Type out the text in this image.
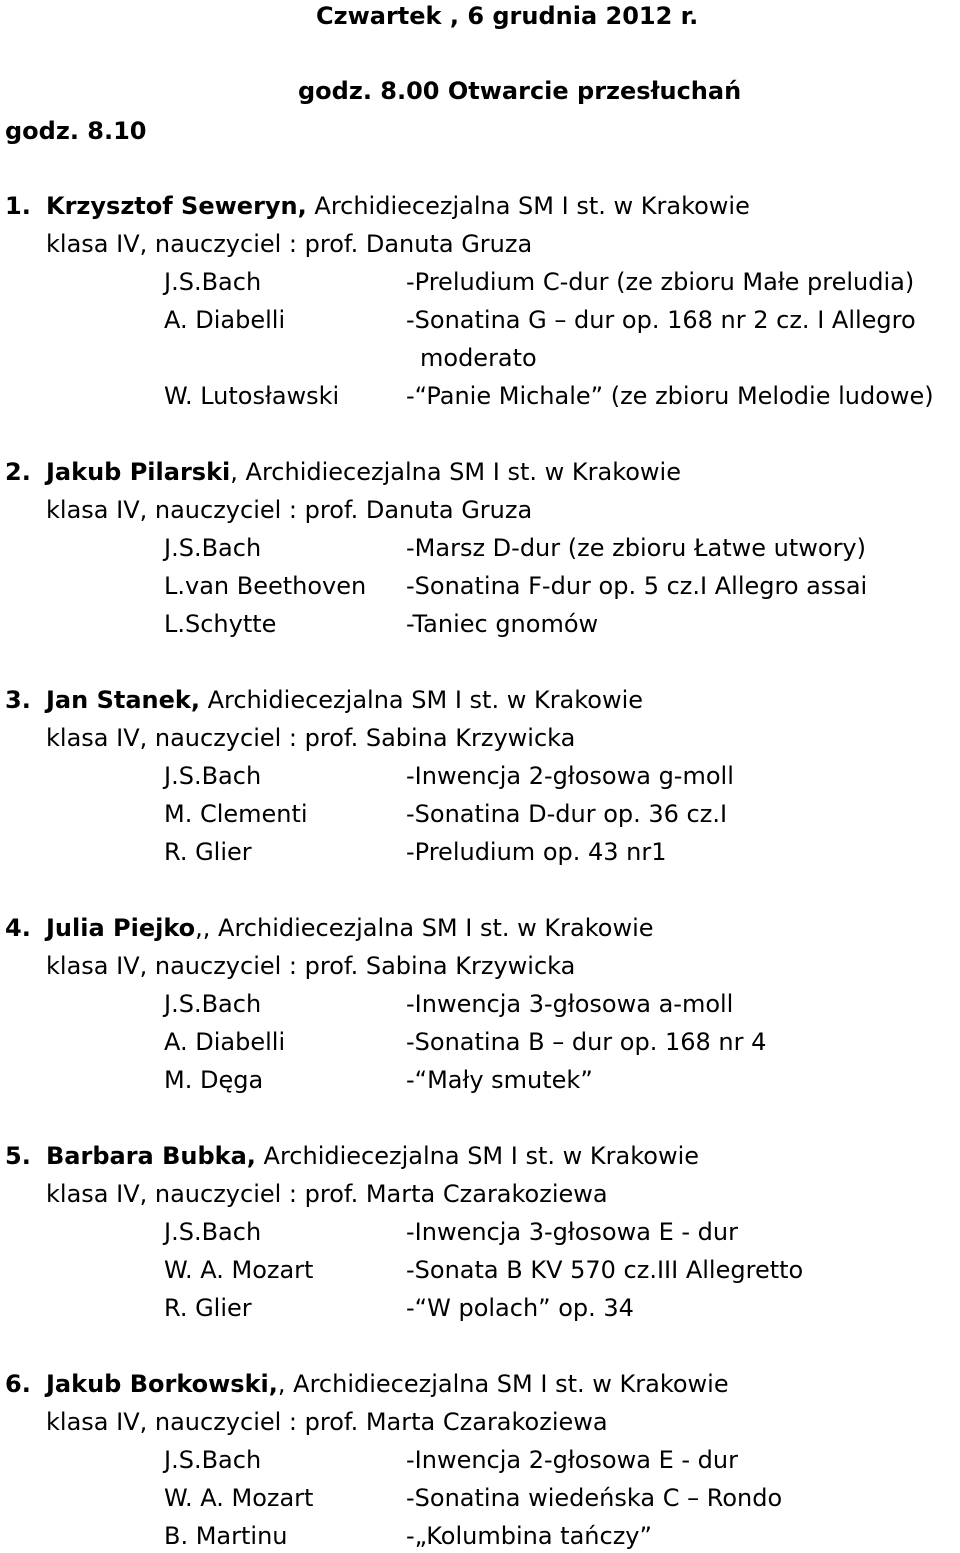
Czwartek , 6 grudnia 2012 r.
godz. 8.00 Otwarcie przesłuchań
godz. 8.10
1. Krzysztof Seweryn, Archidiecezjalna SM I st. w Krakowie
klasa IV, nauczyciel : prof. Danuta Gruza
J.S.Bach	-Preludium C-dur (ze zbioru Małe preludia)
A. Diabelli	-Sonatina G – dur op. 168 nr 2 cz. I Allegro
moderato
W. Lutosławski	-“Panie Michale” (ze zbioru Melodie ludowe)
2. Jakub Pilarski, Archidiecezjalna SM I st. w Krakowie
klasa IV, nauczyciel : prof. Danuta Gruza
J.S.Bach	-Marsz D-dur (ze zbioru Łatwe utwory)
L.van Beethoven -Sonatina F-dur op. 5 cz.I Allegro assai
L.Schytte	-Taniec gnomów
3. Jan Stanek, Archidiecezjalna SM I st. w Krakowie
klasa IV, nauczyciel : prof. Sabina Krzywicka
J.S.Bach	-Inwencja 2-głosowa g-moll
M. Clementi	-Sonatina D-dur op. 36 cz.I
R. Glier	-Preludium op. 43 nr1
4. Julia Piejko,, Archidiecezjalna SM I st. w Krakowie
klasa IV, nauczyciel : prof. Sabina Krzywicka
J.S.Bach	-Inwencja 3-głosowa a-moll
A. Diabelli	-Sonatina B – dur op. 168 nr 4
M. Dęga	-“Mały smutek”
5. Barbara Bubka, Archidiecezjalna SM I st. w Krakowie
klasa IV, nauczyciel : prof. Marta Czarakoziewa
J.S.Bach	-Inwencja 3-głosowa E - dur
W. A. Mozart	-Sonata B KV 570 cz.III Allegretto
R. Glier	-“W polach” op. 34
6. Jakub Borkowski,, Archidiecezjalna SM I st. w Krakowie
klasa IV, nauczyciel : prof. Marta Czarakoziewa
J.S.Bach	-Inwencja 2-głosowa E - dur
W. A. Mozart	-Sonatina wiedeńska C – Rondo
B. Martinu	-„Kolumbina tańczy”
